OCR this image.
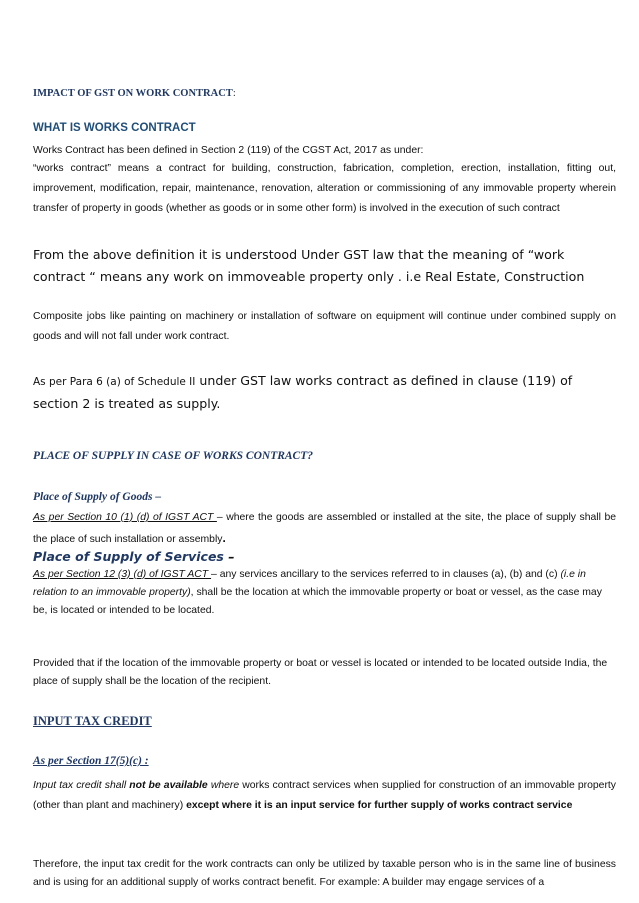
IMPACT OF GST ON WORK CONTRACT:
WHAT IS WORKS CONTRACT

Works Contract has been defined in Section 2 (119) of the CGST Act, 2017 as under:

“works contract” means a contract for building, construction, fabrication, completion, erection, installation, fitting out, improvement, modification, repair, maintenance, renovation, alteration or commissioning of any immovable property wherein transfer of property in goods (whether as goods or in some other form) is involved in the execution of such contract

From the above definition it is understood Under GST law that the meaning of “work contract “ means any work on immoveable property only . i.e Real Estate, Construction

Composite jobs like painting on machinery or installation of software on equipment will continue under combined supply on goods and will not fall under work contract.

As per Para 6 (a) of Schedule II under GST law works contract as defined in clause (119) of section 2 is treated as supply.

PLACE OF SUPPLY IN CASE OF WORKS CONTRACT?
Place of Supply of Goods –

As per Section 10 (1) (d) of IGST ACT – where the goods are assembled or installed at the site, the place of supply shall be the place of such installation or assembly.

Place of Supply of Services –

As per Section 12 (3) (d) of IGST ACT – any services ancillary to the services referred to in clauses (a), (b) and (c) (i.e in relation to an immovable property), shall be the location at which the immovable property or boat or vessel, as the case may be, is located or intended to be located.

Provided that if the location of the immovable property or boat or vessel is located or intended to be located outside India, the place of supply shall be the location of the recipient.

INPUT TAX CREDIT
As per Section 17(5)(c) :

Input tax credit shall not be available where works contract services when supplied for construction of an immovable property (other than plant and machinery) except where it is an input service for further supply of works contract service

Therefore, the input tax credit for the work contracts can only be utilized by taxable person who is in the same line of business and is using for an additional supply of works contract benefit. For example: A builder may engage services of a
